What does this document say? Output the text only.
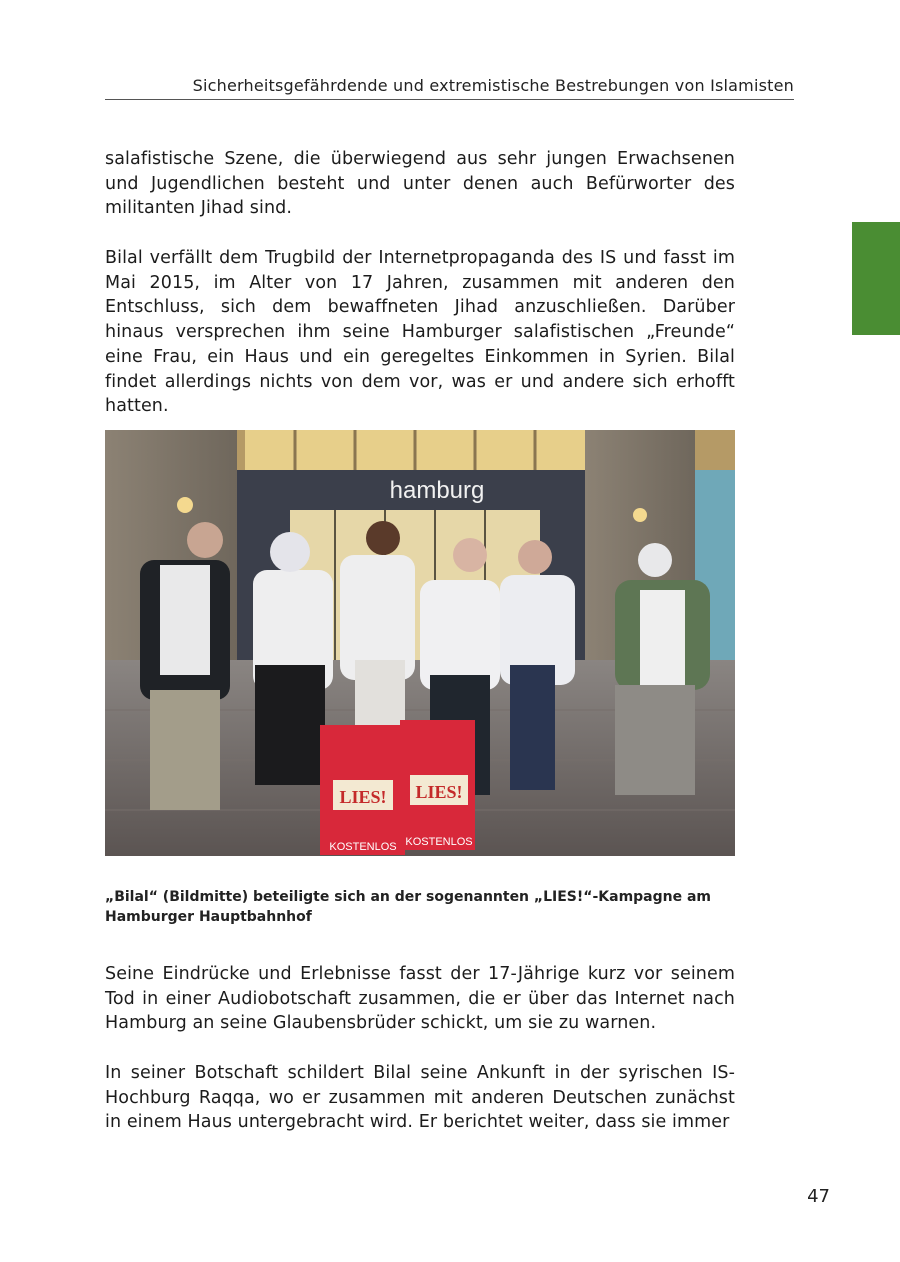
Sicherheitsgefährdende und extremistische Bestrebungen von Islamisten

salafistische Szene, die überwiegend aus sehr jungen Erwachsenen und Jugendlichen besteht und unter denen auch Befürworter des militanten Jihad sind.

Bilal verfällt dem Trugbild der Internetpropaganda des IS und fasst im Mai 2015, im Alter von 17 Jahren, zusammen mit anderen den Entschluss, sich dem bewaffneten Jihad anzuschließen. Darüber hinaus versprechen ihm seine Hamburger salafistischen „Freunde“ eine Frau, ein Haus und ein geregeltes Einkommen in Syrien. Bilal findet allerdings nichts von dem vor, was er und andere sich erhofft hatten.

hamburg
LIES!
KOSTENLOS
LIES!
KOSTENLOS
„Bilal“ (Bildmitte) beteiligte sich an der sogenannten „LIES!“-Kampagne am Hamburger Hauptbahnhof

Seine Eindrücke und Erlebnisse fasst der 17-Jährige kurz vor seinem Tod in einer Audiobotschaft zusammen, die er über das Internet nach Hamburg an seine Glaubensbrüder schickt, um sie zu warnen.

In seiner Botschaft schildert Bilal seine Ankunft in der syrischen IS-Hochburg Raqqa, wo er zusammen mit anderen Deutschen zunächst in einem Haus untergebracht wird. Er berichtet weiter, dass sie immer

47
